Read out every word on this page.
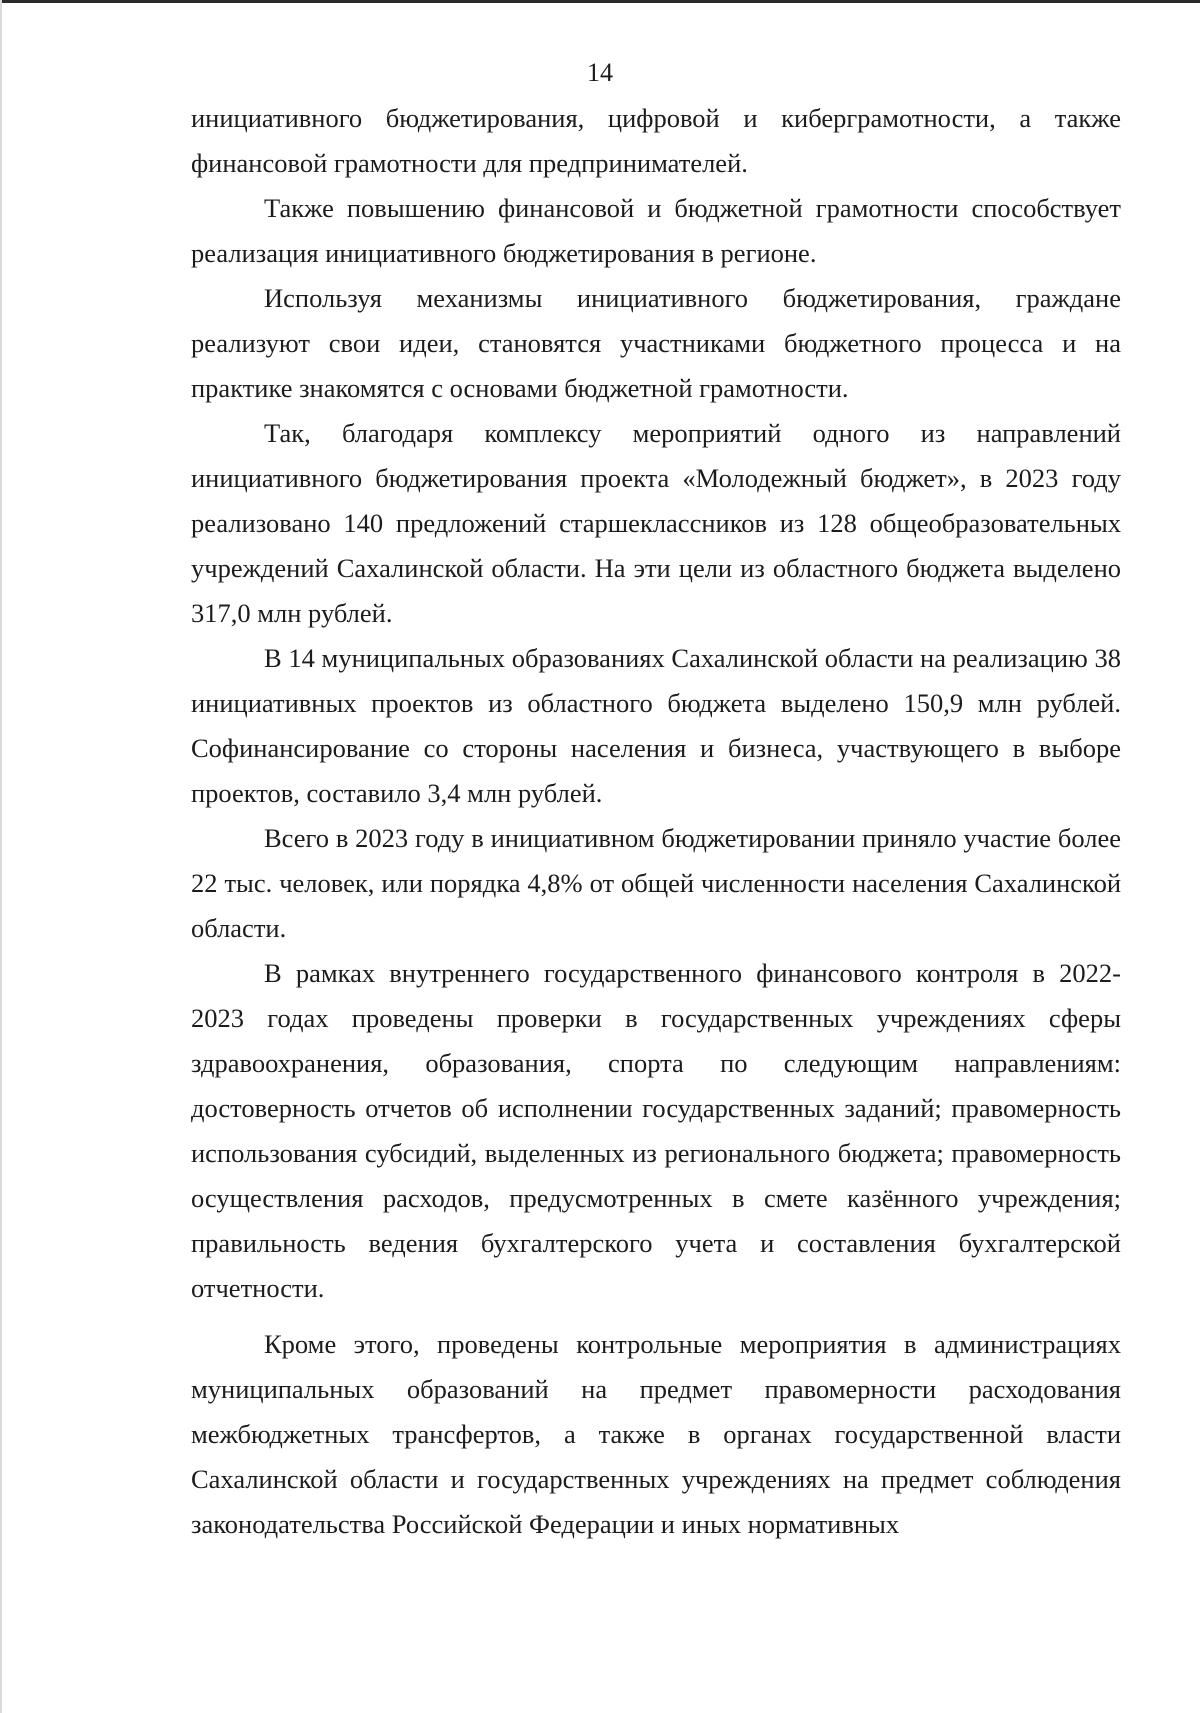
14

инициативного бюджетирования, цифровой и киберграмотности, а также финансовой грамотности для предпринимателей.

Также повышению финансовой и бюджетной грамотности способствует реализация инициативного бюджетирования в регионе.

Используя механизмы инициативного бюджетирования, граждане реализуют свои идеи, становятся участниками бюджетного процесса и на практике знакомятся с основами бюджетной грамотности.

Так, благодаря комплексу мероприятий одного из направлений инициативного бюджетирования проекта «Молодежный бюджет», в 2023 году реализовано 140 предложений старшеклассников из 128 общеобразовательных учреждений Сахалинской области. На эти цели из областного бюджета выделено 317,0 млн рублей.

В 14 муниципальных образованиях Сахалинской области на реализацию 38 инициативных проектов из областного бюджета выделено 150,9 млн рублей. Софинансирование со стороны населения и бизнеса, участвующего в выборе проектов, составило 3,4 млн рублей.

Всего в 2023 году в инициативном бюджетировании приняло участие более 22 тыс. человек, или порядка 4,8% от общей численности населения Сахалинской области.

В рамках внутреннего государственного финансового контроля в 2022-2023 годах проведены проверки в государственных учреждениях сферы здравоохранения, образования, спорта по следующим направлениям: достоверность отчетов об исполнении государственных заданий; правомерность использования субсидий, выделенных из регионального бюджета; правомерность осуществления расходов, предусмотренных в смете казённого учреждения; правильность ведения бухгалтерского учета и составления бухгалтерской отчетности.

Кроме этого, проведены контрольные мероприятия в администрациях муниципальных образований на предмет правомерности расходования межбюджетных трансфертов, а также в органах государственной власти Сахалинской области и государственных учреждениях на предмет соблюдения законодательства Российской Федерации и иных нормативных
